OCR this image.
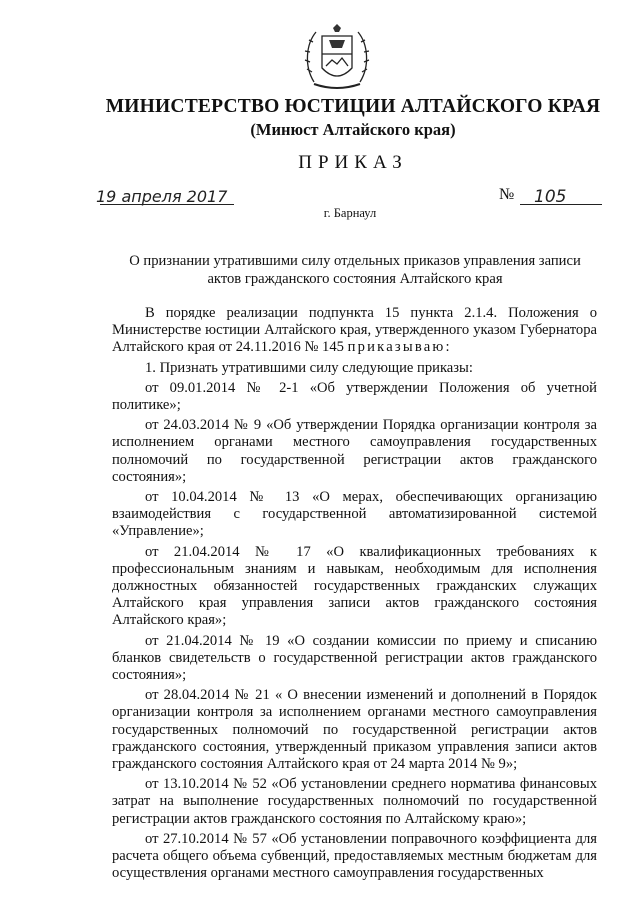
МИНИСТЕРСТВО ЮСТИЦИИ АЛТАЙСКОГО КРАЯ
(Минюст Алтайского края)
ПРИКАЗ
19 апреля 2017	№ 105
г. Барнаул
О признании утратившими силу отдельных приказов управления записи актов гражданского состояния Алтайского края

В порядке реализации подпункта 15 пункта 2.1.4. Положения о Министерстве юстиции Алтайского края, утвержденного указом Губернатора Алтайского края от 24.11.2016 № 145 приказываю:

1. Признать утратившими силу следующие приказы:

от 09.01.2014 № 2-1 «Об утверждении Положения об учетной политике»;

от 24.03.2014 № 9 «Об утверждении Порядка организации контроля за исполнением органами местного самоуправления государственных полномочий по государственной регистрации актов гражданского состояния»;

от 10.04.2014 № 13 «О мерах, обеспечивающих организацию взаимодействия с государственной автоматизированной системой «Управление»;

от 21.04.2014 № 17 «О квалификационных требованиях к профессиональным знаниям и навыкам, необходимым для исполнения должностных обязанностей государственных гражданских служащих Алтайского края управления записи актов гражданского состояния Алтайского края»;

от 21.04.2014 № 19 «О создании комиссии по приему и списанию бланков свидетельств о государственной регистрации актов гражданского состояния»;

от 28.04.2014 № 21 « О внесении изменений и дополнений в Порядок организации контроля за исполнением органами местного самоуправления государственных полномочий по государственной регистрации актов гражданского состояния, утвержденный приказом управления записи актов гражданского состояния Алтайского края от 24 марта 2014 № 9»;

от 13.10.2014 № 52 «Об установлении среднего норматива финансовых затрат на выполнение государственных полномочий по государственной регистрации актов гражданского состояния по Алтайскому краю»;

от 27.10.2014 № 57 «Об установлении поправочного коэффициента для расчета общего объема субвенций, предоставляемых местным бюджетам для осуществления органами местного самоуправления государственных
